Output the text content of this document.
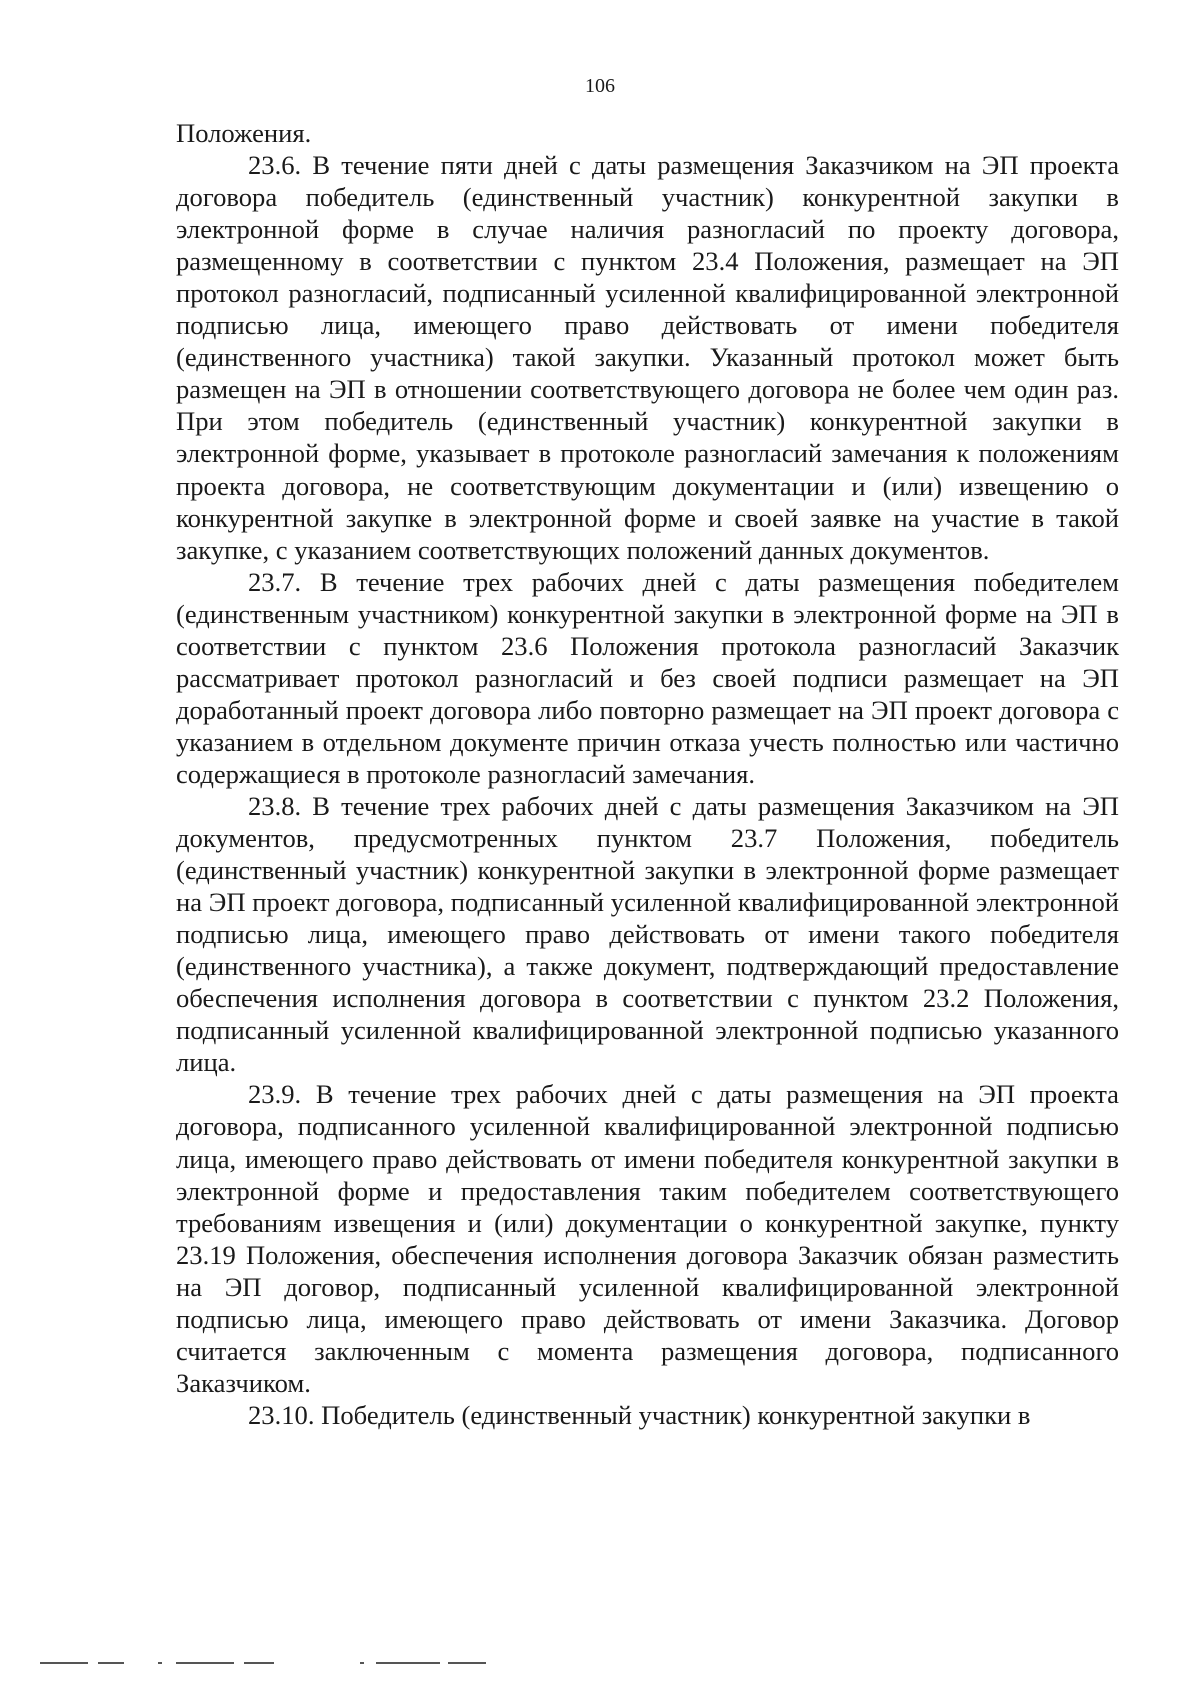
106

Положения.

23.6. В течение пяти дней с даты размещения Заказчиком на ЭП проекта договора победитель (единственный участник) конкурентной закупки в электронной форме в случае наличия разногласий по проекту договора, размещенному в соответствии с пунктом 23.4 Положения, размещает на ЭП протокол разногласий, подписанный усиленной квалифицированной электронной подписью лица, имеющего право действовать от имени победителя (единственного участника) такой закупки. Указанный протокол может быть размещен на ЭП в отношении соответствующего договора не более чем один раз. При этом победитель (единственный участник) конкурентной закупки в электронной форме, указывает в протоколе разногласий замечания к положениям проекта договора, не соответствующим документации и (или) извещению о конкурентной закупке в электронной форме и своей заявке на участие в такой закупке, с указанием соответствующих положений данных документов.

23.7. В течение трех рабочих дней с даты размещения победителем (единственным участником) конкурентной закупки в электронной форме на ЭП в соответствии с пунктом 23.6 Положения протокола разногласий Заказчик рассматривает протокол разногласий и без своей подписи размещает на ЭП доработанный проект договора либо повторно размещает на ЭП проект договора с указанием в отдельном документе причин отказа учесть полностью или частично содержащиеся в протоколе разногласий замечания.

23.8. В течение трех рабочих дней с даты размещения Заказчиком на ЭП документов, предусмотренных пунктом 23.7 Положения, победитель (единственный участник) конкурентной закупки в электронной форме размещает на ЭП проект договора, подписанный усиленной квалифицированной электронной подписью лица, имеющего право действовать от имени такого победителя (единственного участника), а также документ, подтверждающий предоставление обеспечения исполнения договора в соответствии с пунктом 23.2 Положения, подписанный усиленной квалифицированной электронной подписью указанного лица.

23.9. В течение трех рабочих дней с даты размещения на ЭП проекта договора, подписанного усиленной квалифицированной электронной подписью лица, имеющего право действовать от имени победителя конкурентной закупки в электронной форме и предоставления таким победителем соответствующего требованиям извещения и (или) документации о конкурентной закупке, пункту 23.19 Положения, обеспечения исполнения договора Заказчик обязан разместить на ЭП договор, подписанный усиленной квалифицированной электронной подписью лица, имеющего право действовать от имени Заказчика. Договор считается заключенным с момента размещения договора, подписанного Заказчиком.

23.10. Победитель (единственный участник) конкурентной закупки в
